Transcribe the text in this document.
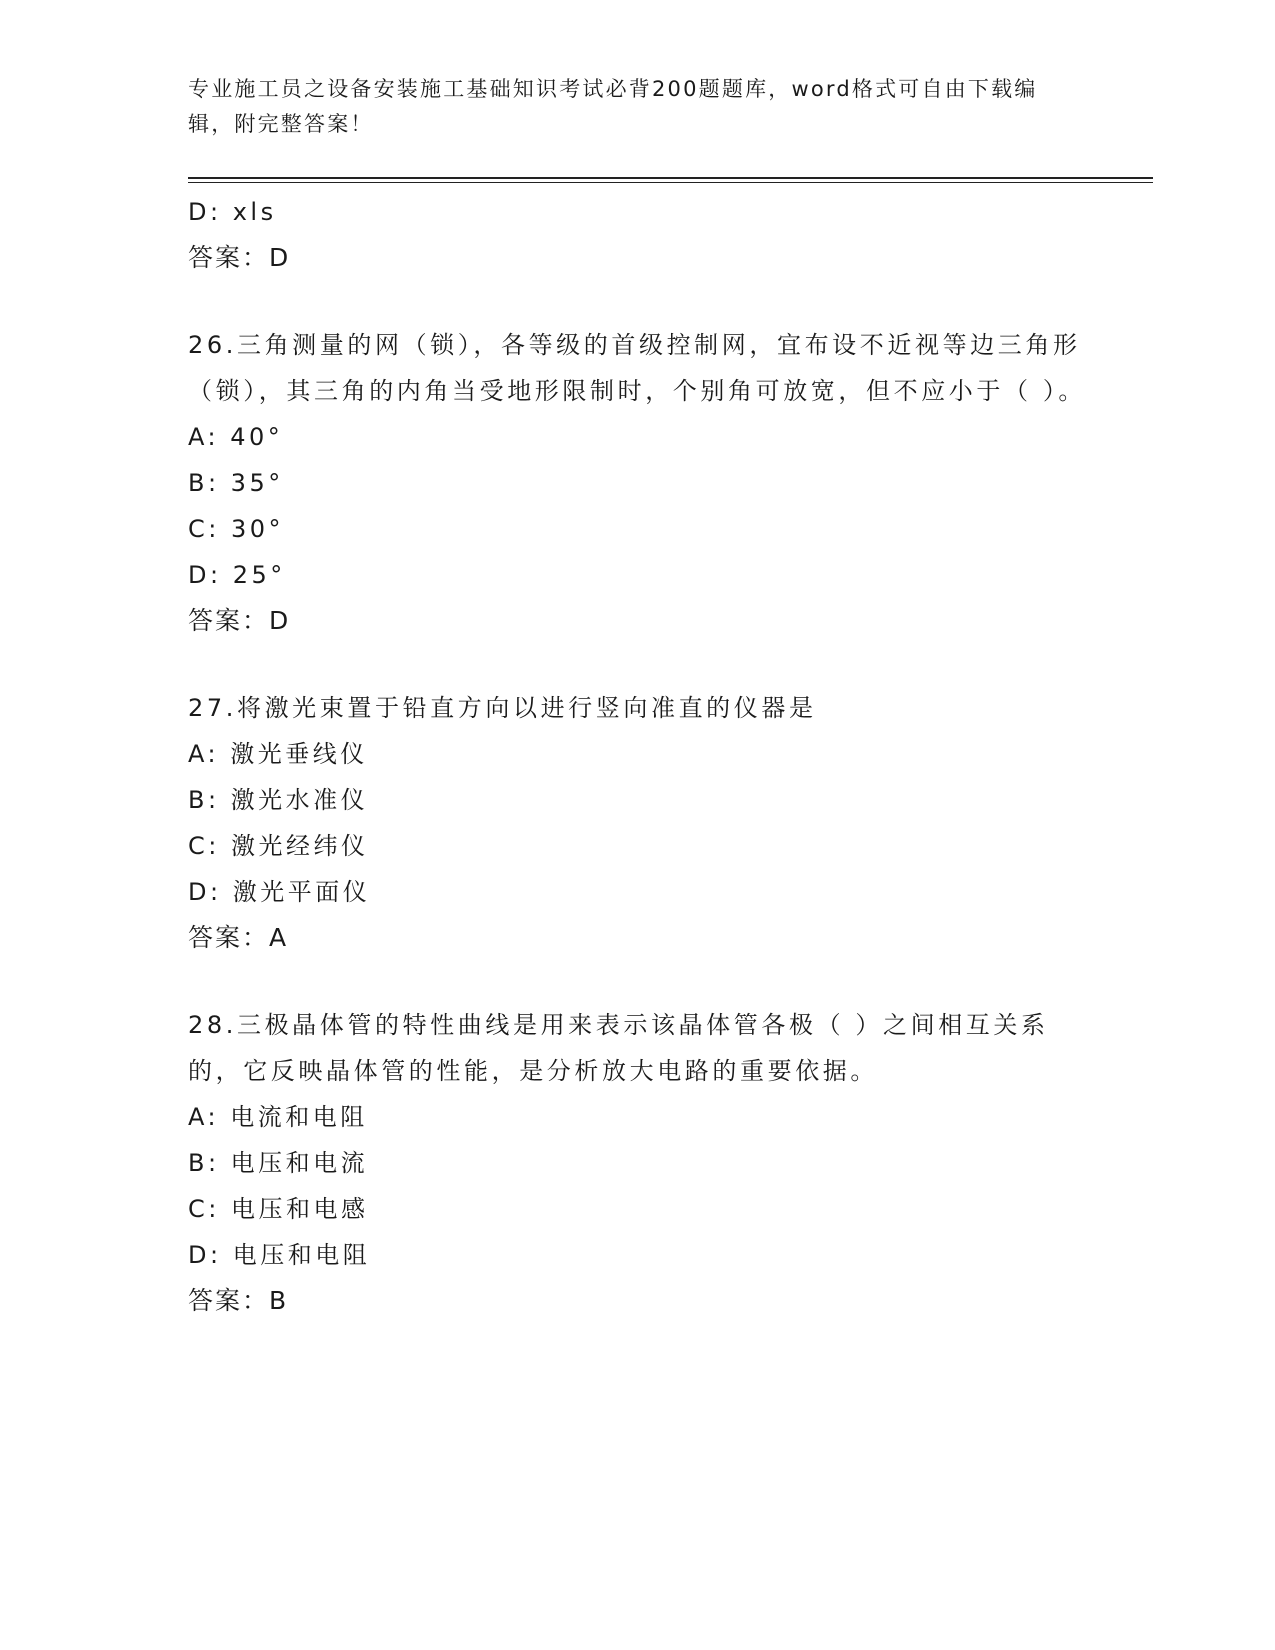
专业施工员之设备安装施工基础知识考试必背200题题库，word格式可自由下载编辑，附完整答案！
D: xls
答案：D
26.三角测量的网（锁），各等级的首级控制网，宜布设不近视等边三角形（锁），其三角的内角当受地形限制时，个别角可放宽，但不应小于（ ）。
A: 40°
B: 35°
C: 30°
D: 25°
答案：D
27.将激光束置于铅直方向以进行竖向准直的仪器是
A: 激光垂线仪
B: 激光水准仪
C: 激光经纬仪
D: 激光平面仪
答案：A
28.三极晶体管的特性曲线是用来表示该晶体管各极（ ）之间相互关系的，它反映晶体管的性能，是分析放大电路的重要依据。
A: 电流和电阻
B: 电压和电流
C: 电压和电感
D: 电压和电阻
答案：B
